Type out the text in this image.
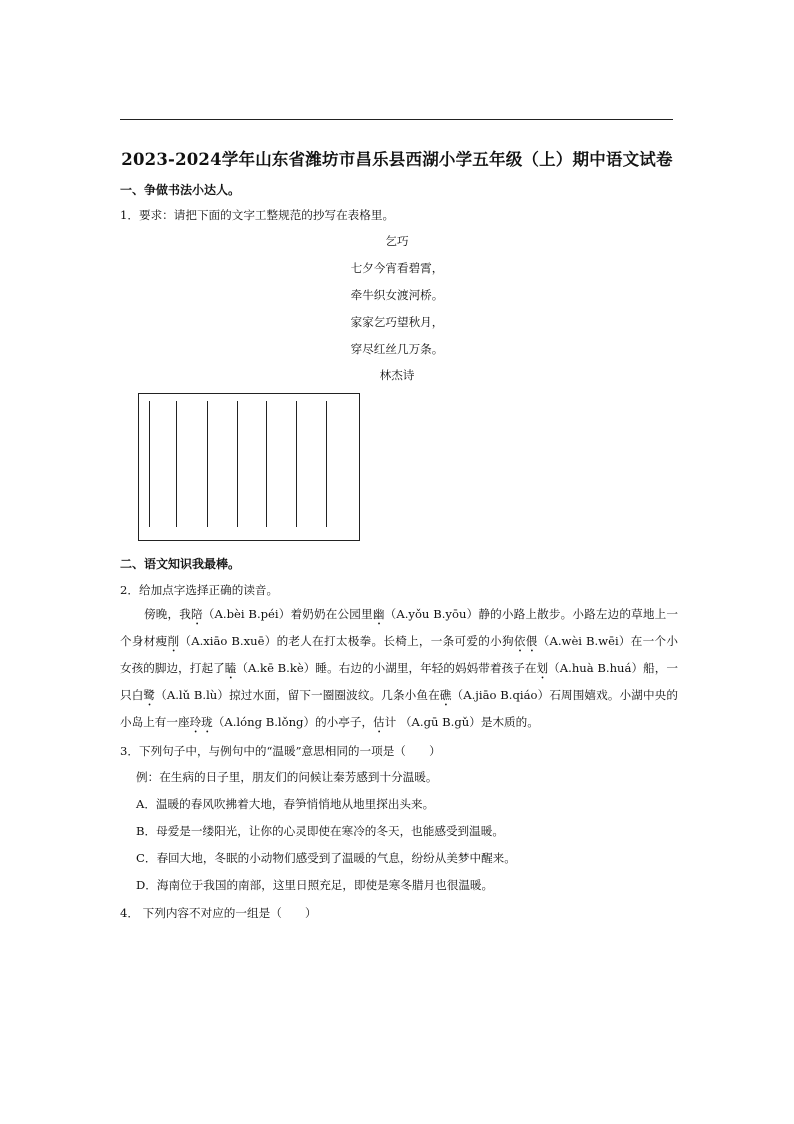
2023-2024学年山东省潍坊市昌乐县西湖小学五年级（上）期中语文试卷
一、争做书法小达人。
1．要求：请把下面的文字工整规范的抄写在表格里。
乞巧
七夕今宵看碧霄，
牵牛织女渡河桥。
家家乞巧望秋月，
穿尽红丝几万条。
林杰诗
二、语文知识我最棒。
2．给加点字选择正确的读音。
傍晚，我陪（A.bèi B.péi）着奶奶在公园里幽（A.yǒu B.yōu）静的小路上散步。小路左边的草地上一个身材瘦削（A.xiāo B.xuē）的老人在打太极拳。长椅上，一条可爱的小狗依偎（A.wèi B.wēi）在一个小女孩的脚边，打起了瞌（A.kē B.kè）睡。右边的小湖里，年轻的妈妈带着孩子在划（A.huà B.huá）船，一只白鹭（A.lǔ B.lù）掠过水面，留下一圈圈波纹。几条小鱼在礁（A.jiāo B.qiáo）石周围嬉戏。小湖中央的小岛上有一座玲珑（A.lóng B.lǒng）的小亭子，估计 （A.gū B.gǔ）是木质的。
3．下列句子中，与例句中的“温暖”意思相同的一项是（　　）
例：在生病的日子里，朋友们的问候让秦芳感到十分温暖。
A．温暖的春风吹拂着大地，春笋悄悄地从地里探出头来。
B．母爱是一缕阳光，让你的心灵即使在寒冷的冬天，也能感受到温暖。
C．春回大地，冬眠的小动物们感受到了温暖的气息，纷纷从美梦中醒来。
D．海南位于我国的南部，这里日照充足，即使是寒冬腊月也很温暖。
4． 下列内容不对应的一组是（　　）
